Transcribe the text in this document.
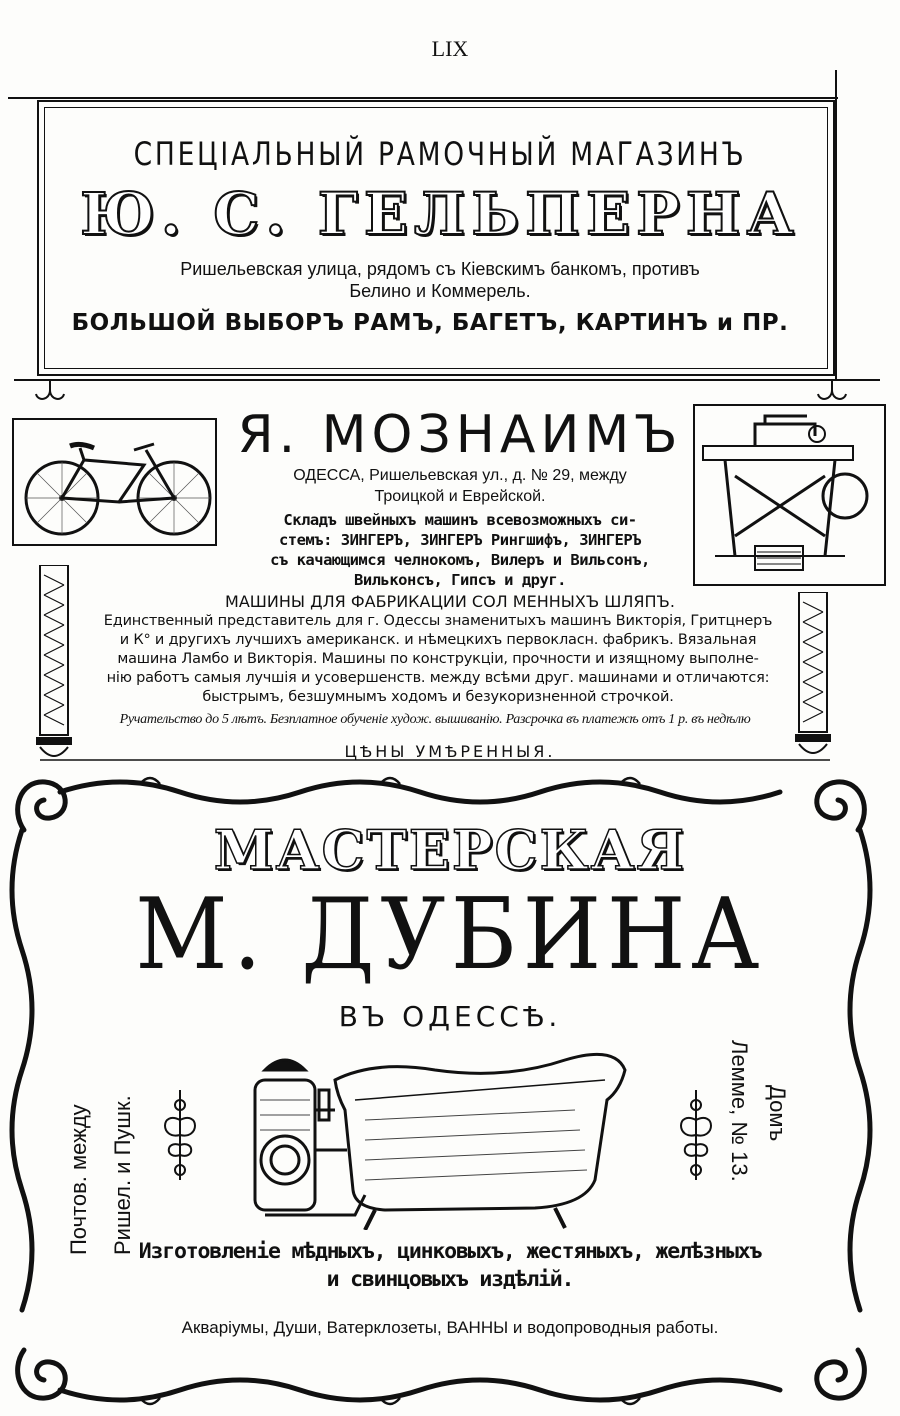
LIX
СПЕЦІАЛЬНЫЙ РАМОЧНЫЙ МАГАЗИНЪ
Ю. С. ГЕЛЬПЕРНА
Ришельевская улица, рядомъ съ Кіевскимъ банкомъ, противъ
Белино и Коммерель.
БОЛЬШОЙ ВЫБОРЪ РАМЪ, БАГЕТЪ, КАРТИНЪ и ПР.
Я. МОЗНАИМЪ
ОДЕССА, Ришельевская ул., д. № 29, между
Троицкой и Еврейской.
Складъ швейныхъ машинъ всевозможныхъ си-
стемъ: ЗИНГЕРЪ, ЗИНГЕРЪ Рингшифъ, ЗИНГЕРЪ
съ качающимся челнокомъ, Вилеръ и Вильсонъ,
Вильконсъ, Гипсъ и друг.
МАШИНЫ ДЛЯ ФАБРИКАЦИИ СОЛ МЕННЫХЪ ШЛЯПЪ.
Единственный представитель для г. Одессы знаменитыхъ машинъ Викторія, Гритцнеръ
и К° и другихъ лучшихъ американск. и нѣмецкихъ первокласн. фабрикъ. Вязальная
машина Ламбо и Викторія. Машины по конструкціи, прочности и изящному выполне-
нію работъ самыя лучшія и усовершенств. между всѣми друг. машинами и отличаются:
быстрымъ, безшумнымъ ходомъ и безукоризненной строчкой.
Ручательство до 5 лѣтъ. Безплатное обученіе худож. вышиванію. Разсрочка въ платежѣ отъ 1 р. въ недѣлю
ЦѢНЫ УМѢРЕННЫЯ.
МАСТЕРСКАЯ
М. ДУБИНА
ВЪ ОДЕССѢ.
Почтов. между Ришел. и Пушк.	Домъ
Лемме, № 13.
Изготовленіе мѣдныхъ, цинковыхъ, жестяныхъ, желѣзныхъ
и свинцовыхъ издѣлій.
Акваріумы, Души, Ватерклозеты, ВАННЫ и водопроводныя работы.
